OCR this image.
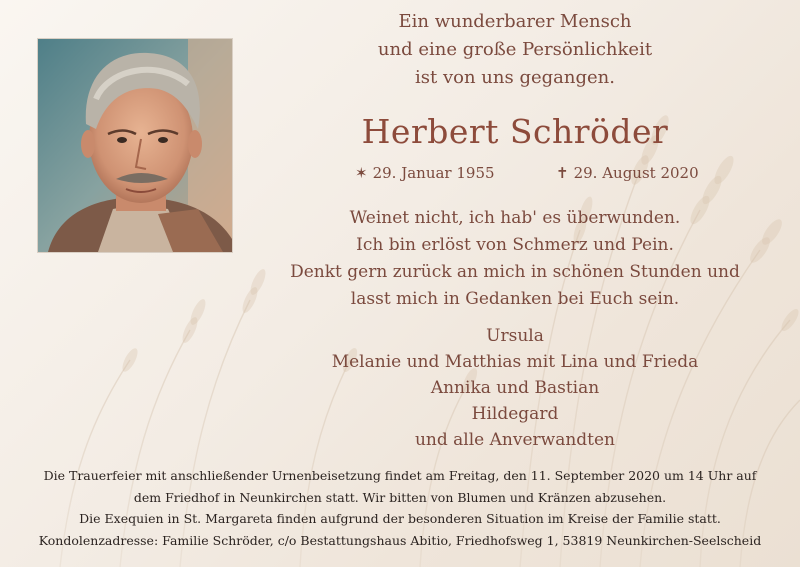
Ein wunderbarer Mensch
und eine große Persönlichkeit
ist von uns gegangen.
Herbert Schröder
✶ 29. Januar 1955	✝ 29. August 2020
Weinet nicht, ich hab' es überwunden.
Ich bin erlöst von Schmerz und Pein.
Denkt gern zurück an mich in schönen Stunden und
lasst mich in Gedanken bei Euch sein.
Ursula
Melanie und Matthias mit Lina und Frieda
Annika und Bastian
Hildegard
und alle Anverwandten
Die Trauerfeier mit anschließender Urnenbeisetzung findet am Freitag, den 11. September 2020 um 14 Uhr auf
dem Friedhof in Neunkirchen statt. Wir bitten von Blumen und Kränzen abzusehen.
Die Exequien in St. Margareta finden aufgrund der besonderen Situation im Kreise der Familie statt.
Kondolenzadresse: Familie Schröder, c/o Bestattungshaus Abitio, Friedhofsweg 1, 53819 Neunkirchen-Seelscheid
